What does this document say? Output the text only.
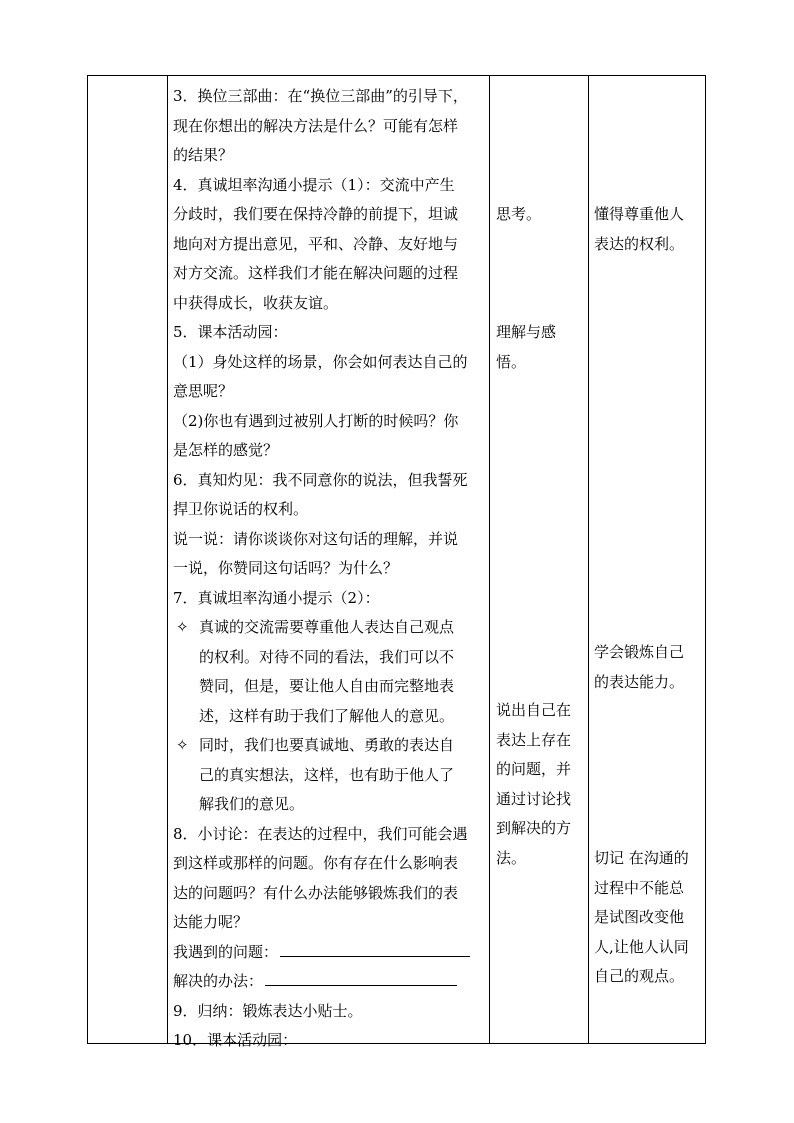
3．换位三部曲：在“换位三部曲”的引导下，

现在你想出的解决方法是什么？可能有怎样

的结果？

4．真诚坦率沟通小提示（1）：交流中产生

分歧时，我们要在保持冷静的前提下，坦诚

地向对方提出意见，平和、冷静、友好地与

对方交流。这样我们才能在解决问题的过程

中获得成长，收获友谊。

5．课本活动园：

（1）身处这样的场景，你会如何表达自己的

意思呢？

（2)你也有遇到过被别人打断的时候吗？你

是怎样的感觉？

6．真知灼见：我不同意你的说法，但我誓死

捍卫你说话的权利。

说一说：请你谈谈你对这句话的理解，并说

一说，你赞同这句话吗？为什么？

7．真诚坦率沟通小提示（2）：

✧ 真诚的交流需要尊重他人表达自己观点

的权利。对待不同的看法，我们可以不

赞同，但是，要让他人自由而完整地表

述，这样有助于我们了解他人的意见。

✧ 同时，我们也要真诚地、勇敢的表达自

己的真实想法，这样，也有助于他人了

解我们的意见。

8．小讨论：在表达的过程中，我们可能会遇

到这样或那样的问题。你有存在什么影响表

达的问题吗？有什么办法能够锻炼我们的表

达能力呢？

我遇到的问题：

解决的办法：

9．归纳：锻炼表达小贴士。

10．课本活动园：

思考。

理解与感

悟。

说出自己在

表达上存在

的问题，并

通过讨论找

到解决的方

法。

懂得尊重他人

表达的权利。

学会锻炼自己

的表达能力。

切记 在沟通的

过程中不能总

是试图改变他

人,让他人认同

自己的观点。
